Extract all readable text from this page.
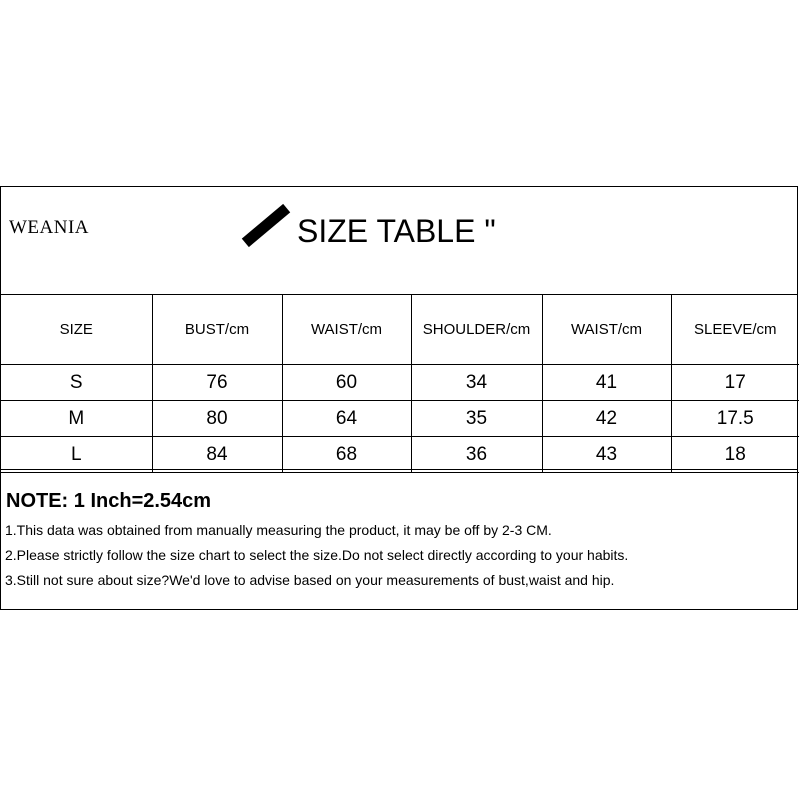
WEANIA	SIZE TABLE "
SIZE	BUST/cm	WAIST/cm	SHOULDER/cm	WAIST/cm	SLEEVE/cm
S	76	60	34	41	17
M	80	64	35	42	17.5
L	84	68	36	43	18
NOTE: 1 Inch=2.54cm
1.This data was obtained from manually measuring the product, it may be off by 2-3 CM.
2.Please strictly follow the size chart to select the size.Do not select directly according to your habits.
3.Still not sure about size?We'd love to advise based on your measurements of bust,waist and hip.
